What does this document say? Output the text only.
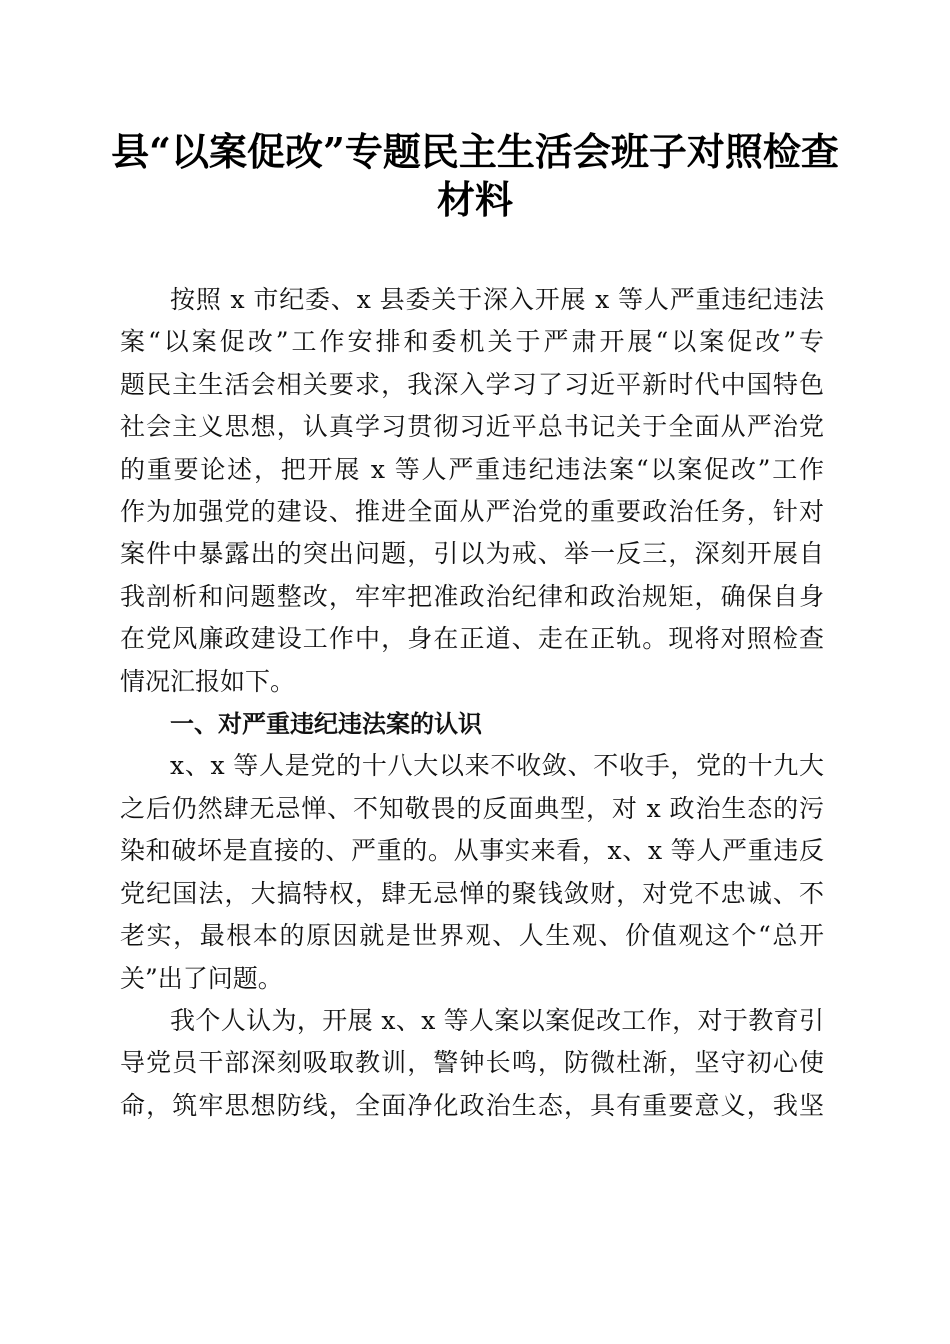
县“以案促改”专题民主生活会班子对照检查
材料
按照 x 市纪委、x 县委关于深入开展 x 等人严重违纪违法
案“以案促改”工作安排和委机关于严肃开展“以案促改”专
题民主生活会相关要求，我深入学习了习近平新时代中国特色
社会主义思想，认真学习贯彻习近平总书记关于全面从严治党
的重要论述，把开展 x 等人严重违纪违法案“以案促改”工作
作为加强党的建设、推进全面从严治党的重要政治任务，针对
案件中暴露出的突出问题，引以为戒、举一反三，深刻开展自
我剖析和问题整改，牢牢把准政治纪律和政治规矩，确保自身
在党风廉政建设工作中，身在正道、走在正轨。现将对照检查
情况汇报如下。
一、对严重违纪违法案的认识
x、x 等人是党的十八大以来不收敛、不收手，党的十九大
之后仍然肆无忌惮、不知敬畏的反面典型，对 x 政治生态的污
染和破坏是直接的、严重的。从事实来看，x、x 等人严重违反
党纪国法，大搞特权，肆无忌惮的聚钱敛财，对党不忠诚、不
老实，最根本的原因就是世界观、人生观、价值观这个“总开
关”出了问题。
我个人认为，开展 x、x 等人案以案促改工作，对于教育引
导党员干部深刻吸取教训，警钟长鸣，防微杜渐，坚守初心使
命，筑牢思想防线，全面净化政治生态，具有重要意义，我坚
